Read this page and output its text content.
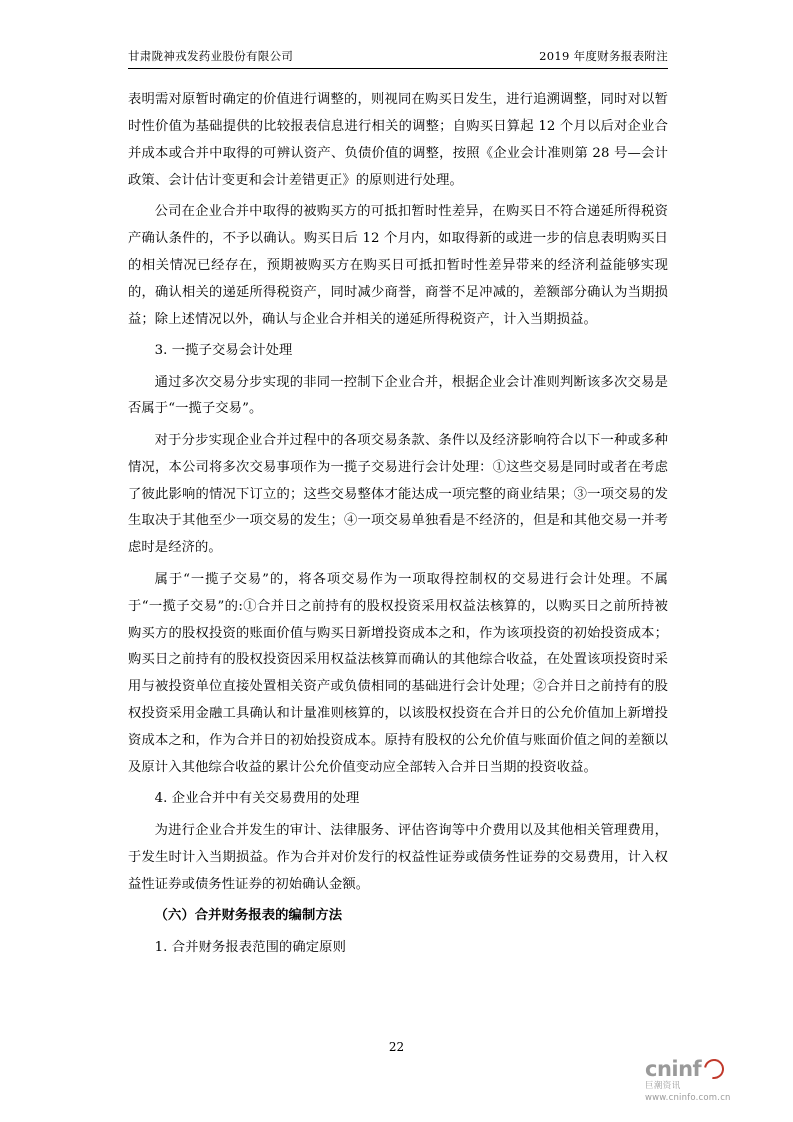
甘肃陇神戎发药业股份有限公司	2019 年度财务报表附注

表明需对原暂时确定的价值进行调整的，则视同在购买日发生，进行追溯调整，同时对以暂时性价值为基础提供的比较报表信息进行相关的调整；自购买日算起 12 个月以后对企业合并成本或合并中取得的可辨认资产、负债价值的调整，按照《企业会计准则第 28 号—会计政策、会计估计变更和会计差错更正》的原则进行处理。

公司在企业合并中取得的被购买方的可抵扣暂时性差异，在购买日不符合递延所得税资产确认条件的，不予以确认。购买日后 12 个月内，如取得新的或进一步的信息表明购买日的相关情况已经存在，预期被购买方在购买日可抵扣暂时性差异带来的经济利益能够实现的，确认相关的递延所得税资产，同时减少商誉，商誉不足冲减的，差额部分确认为当期损益；除上述情况以外，确认与企业合并相关的递延所得税资产，计入当期损益。

3. 一揽子交易会计处理

通过多次交易分步实现的非同一控制下企业合并，根据企业会计准则判断该多次交易是否属于“一揽子交易”。

对于分步实现企业合并过程中的各项交易条款、条件以及经济影响符合以下一种或多种情况，本公司将多次交易事项作为一揽子交易进行会计处理：①这些交易是同时或者在考虑了彼此影响的情况下订立的；这些交易整体才能达成一项完整的商业结果；③一项交易的发生取决于其他至少一项交易的发生；④一项交易单独看是不经济的，但是和其他交易一并考虑时是经济的。

属于“一揽子交易”的，将各项交易作为一项取得控制权的交易进行会计处理。不属于“一揽子交易”的:①合并日之前持有的股权投资采用权益法核算的，以购买日之前所持被购买方的股权投资的账面价值与购买日新增投资成本之和，作为该项投资的初始投资成本；购买日之前持有的股权投资因采用权益法核算而确认的其他综合收益，在处置该项投资时采用与被投资单位直接处置相关资产或负债相同的基础进行会计处理；②合并日之前持有的股权投资采用金融工具确认和计量准则核算的，以该股权投资在合并日的公允价值加上新增投资成本之和，作为合并日的初始投资成本。原持有股权的公允价值与账面价值之间的差额以及原计入其他综合收益的累计公允价值变动应全部转入合并日当期的投资收益。

4. 企业合并中有关交易费用的处理

为进行企业合并发生的审计、法律服务、评估咨询等中介费用以及其他相关管理费用，于发生时计入当期损益。作为合并对价发行的权益性证券或债务性证券的交易费用，计入权益性证券或债务性证券的初始确认金额。

（六）合并财务报表的编制方法

1. 合并财务报表范围的确定原则

22
cninf
巨潮资讯
www.cninfo.com.cn
